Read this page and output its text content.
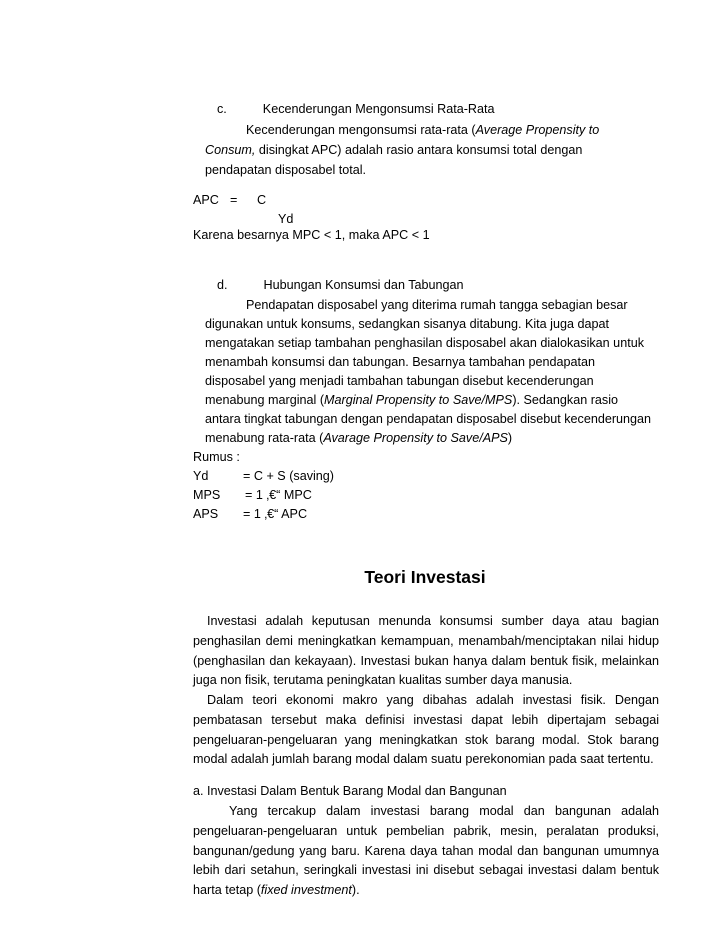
c.	Kecenderungan Mengonsumsi Rata-Rata
Kecenderungan mengonsumsi rata-rata (Average Propensity to
Consum, disingkat APC) adalah rasio antara konsumsi total dengan
pendapatan disposabel total.
APC = C
Yd
Karena besarnya MPC < 1, maka APC < 1
d.	Hubungan Konsumsi dan Tabungan
Pendapatan disposabel yang diterima rumah tangga sebagian besar
digunakan untuk konsums, sedangkan sisanya ditabung. Kita juga dapat
mengatakan setiap tambahan penghasilan disposabel akan dialokasikan untuk
menambah konsumsi dan tabungan. Besarnya tambahan pendapatan
disposabel yang menjadi tambahan tabungan disebut kecenderungan
menabung marginal (Marginal Propensity to Save/MPS). Sedangkan rasio
antara tingkat tabungan dengan pendapatan disposabel disebut kecenderungan
menabung rata-rata (Avarage Propensity to Save/APS)
Rumus :
Yd	= C + S (saving)
MPS = 1 ‚€“ MPC
APS = 1 ‚€“ APC
Teori Investasi
Investasi adalah keputusan menunda konsumsi sumber daya atau bagian penghasilan demi meningkatkan kemampuan, menambah/menciptakan nilai hidup (penghasilan dan kekayaan). Investasi bukan hanya dalam bentuk fisik, melainkan juga non fisik, terutama peningkatan kualitas sumber daya manusia.
Dalam teori ekonomi makro yang dibahas adalah investasi fisik. Dengan pembatasan tersebut maka definisi investasi dapat lebih dipertajam sebagai pengeluaran-pengeluaran yang meningkatkan stok barang modal. Stok barang modal adalah jumlah barang modal dalam suatu perekonomian pada saat tertentu.
a. Investasi Dalam Bentuk Barang Modal dan Bangunan
Yang tercakup dalam investasi barang modal dan bangunan adalah pengeluaran-pengeluaran untuk pembelian pabrik, mesin, peralatan produksi, bangunan/gedung yang baru. Karena daya tahan modal dan bangunan umumnya lebih dari setahun, seringkali investasi ini disebut sebagai investasi dalam bentuk harta tetap (fixed investment).
